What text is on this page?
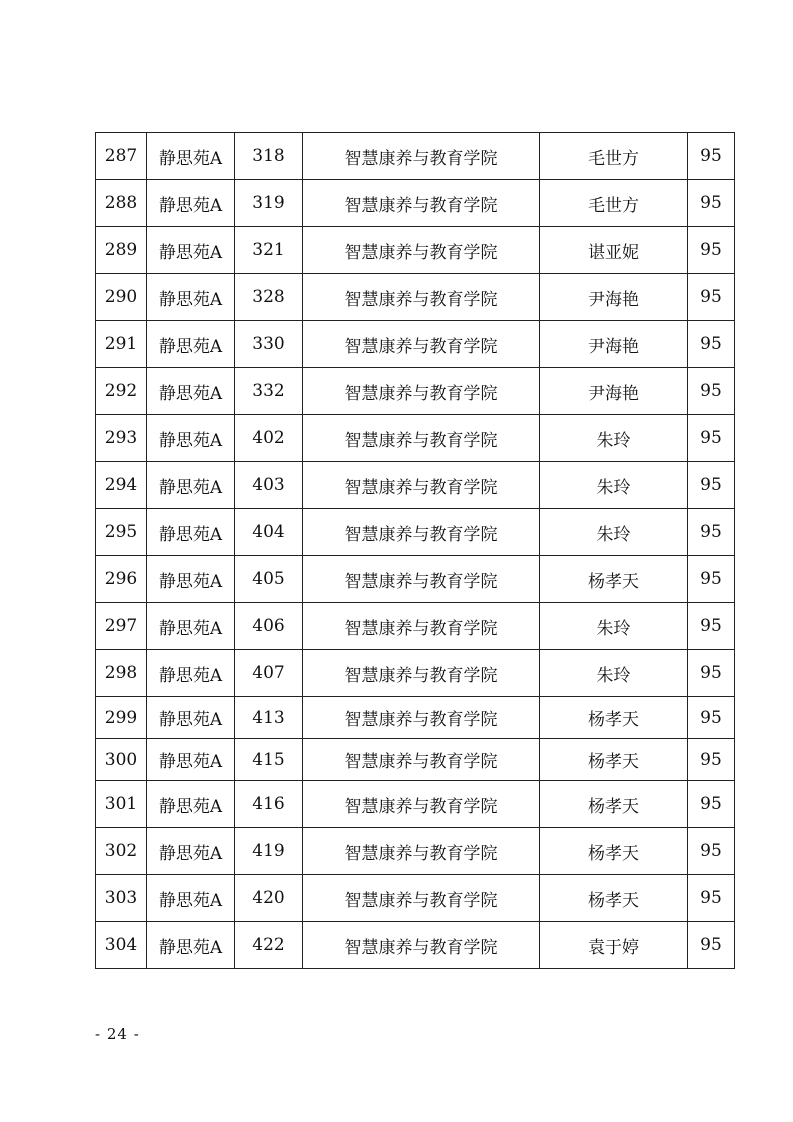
287	静思苑A	318	智慧康养与教育学院	毛世方	95
288	静思苑A	319	智慧康养与教育学院	毛世方	95
289	静思苑A	321	智慧康养与教育学院	谌亚妮	95
290	静思苑A	328	智慧康养与教育学院	尹海艳	95
291	静思苑A	330	智慧康养与教育学院	尹海艳	95
292	静思苑A	332	智慧康养与教育学院	尹海艳	95
293	静思苑A	402	智慧康养与教育学院	朱玲	95
294	静思苑A	403	智慧康养与教育学院	朱玲	95
295	静思苑A	404	智慧康养与教育学院	朱玲	95
296	静思苑A	405	智慧康养与教育学院	杨孝天	95
297	静思苑A	406	智慧康养与教育学院	朱玲	95
298	静思苑A	407	智慧康养与教育学院	朱玲	95
299	静思苑A	413	智慧康养与教育学院	杨孝天	95
300	静思苑A	415	智慧康养与教育学院	杨孝天	95
301	静思苑A	416	智慧康养与教育学院	杨孝天	95
302	静思苑A	419	智慧康养与教育学院	杨孝天	95
303	静思苑A	420	智慧康养与教育学院	杨孝天	95
304	静思苑A	422	智慧康养与教育学院	袁于婷	95
- 24 -
